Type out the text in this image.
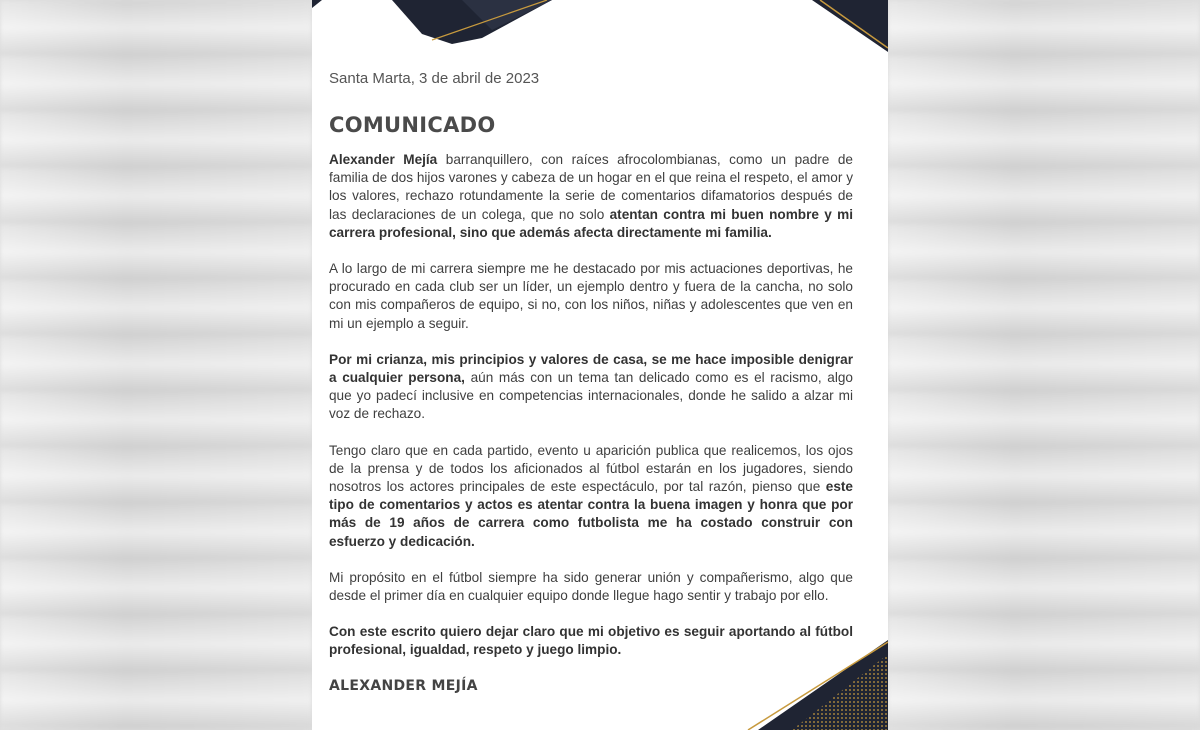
Santa Marta, 3 de abril de 2023
COMUNICADO

Alexander Mejía barranquillero, con raíces afrocolombianas, como un padre de familia de dos hijos varones y cabeza de un hogar en el que reina el respeto, el amor y los valores, rechazo rotundamente la serie de comentarios difamatorios después de las declaraciones de un colega, que no solo atentan contra mi buen nombre y mi carrera profesional, sino que además afecta directamente mi familia.

A lo largo de mi carrera siempre me he destacado por mis actuaciones deportivas, he procurado en cada club ser un líder, un ejemplo dentro y fuera de la cancha, no solo con mis compañeros de equipo, si no, con los niños, niñas y adolescentes que ven en mi un ejemplo a seguir.

Por mi crianza, mis principios y valores de casa, se me hace imposible denigrar a cualquier persona, aún más con un tema tan delicado como es el racismo, algo que yo padecí inclusive en competencias internacionales, donde he salido a alzar mi voz de rechazo.

Tengo claro que en cada partido, evento u aparición publica que realicemos, los ojos de la prensa y de todos los aficionados al fútbol estarán en los jugadores, siendo nosotros los actores principales de este espectáculo, por tal razón, pienso que este tipo de comentarios y actos es atentar contra la buena imagen y honra que por más de 19 años de carrera como futbolista me ha costado construir con esfuerzo y dedicación.

Mi propósito en el fútbol siempre ha sido generar unión y compañerismo, algo que desde el primer día en cualquier equipo donde llegue hago sentir y trabajo por ello.

Con este escrito quiero dejar claro que mi objetivo es seguir aportando al fútbol profesional, igualdad, respeto y juego limpio.

ALEXANDER MEJÍA
